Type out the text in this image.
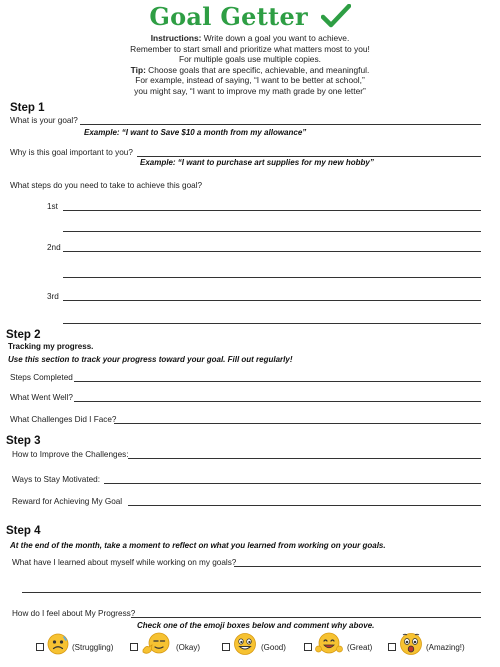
Goal Getter
Instructions: Write down a goal you want to achieve.
Remember to start small and prioritize what matters most to you!
For multiple goals use multiple copies.
Tip: Choose goals that are specific, achievable, and meaningful.
For example, instead of saying, “I want to be better at school,”
you might say, “I want to improve my math grade by one letter”
Step 1
What is your goal?
Example: “I want to Save $10 a month from my allowance”
Why is this goal important to you?
Example: “I want to purchase art supplies for my new hobby”
What steps do you need to take to achieve this goal?
1st
2nd
3rd
Step 2
Tracking my progress.
Use this section to track your progress toward your goal. Fill out regularly!
Steps Completed
What Went Well?
What Challenges Did I Face?
Step 3
How to Improve the Challenges:
Ways to Stay Motivated:
Reward for Achieving My Goal
Step 4
At the end of the month, take a moment to reflect on what you learned from working on your goals.
What have I learned about myself while working on my goals?
How do I feel about My Progress?
Check one of the emoji boxes below and comment why above.
(Struggling)	(Okay)	(Good)	(Great)	(Amazing!)
